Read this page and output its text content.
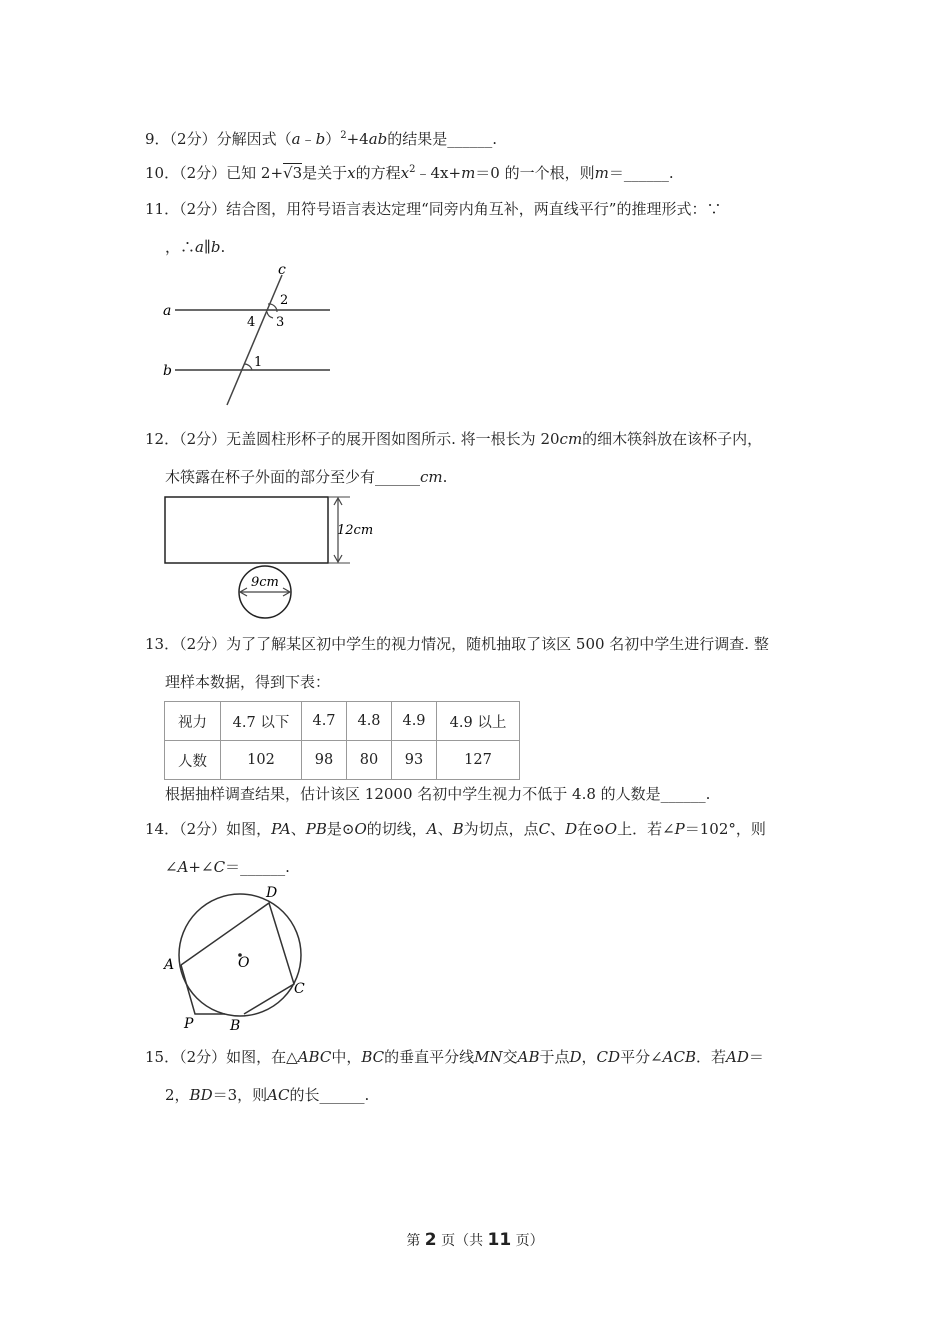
9．（2分）分解因式（a﹣b）$^2$+4ab的结果是______.
10．（2分）已知 2+√3是关于x的方程$x^2﹣4x+m=0$ 的一个根，则m＝______.
11．（2分）结合图，用符号语言表达定理“同旁内角互补，两直线平行”的推理形式：∵
，∴a∥b.
c
a
b
2
3
4
1
12．（2分）无盖圆柱形杯子的展开图如图所示. 将一根长为 20cm的细木筷斜放在该杯子内，
木筷露在杯子外面的部分至少有______cm.
12cm
9cm
13．（2分）为了了解某区初中学生的视力情况，随机抽取了该区 500 名初中学生进行调查. 整
理样本数据，得到下表：
视力	4.7 以下	4.7	4.8	4.9	4.9 以上
人数	102	98	80	93	127
根据抽样调查结果，估计该区 12000 名初中学生视力不低于 4.8 的人数是______.
14．（2分）如图，PA、PB是⊙O的切线，A、B为切点，点C、D在⊙O上．若∠P＝102°，则
∠A+∠C＝______.
D
A	O
C
P	B
15．（2分）如图，在△ABC中，BC的垂直平分线MN交AB于点D，CD平分∠ACB．若AD＝
2，BD＝3，则AC的长______.
第 2 页（共 11 页）
